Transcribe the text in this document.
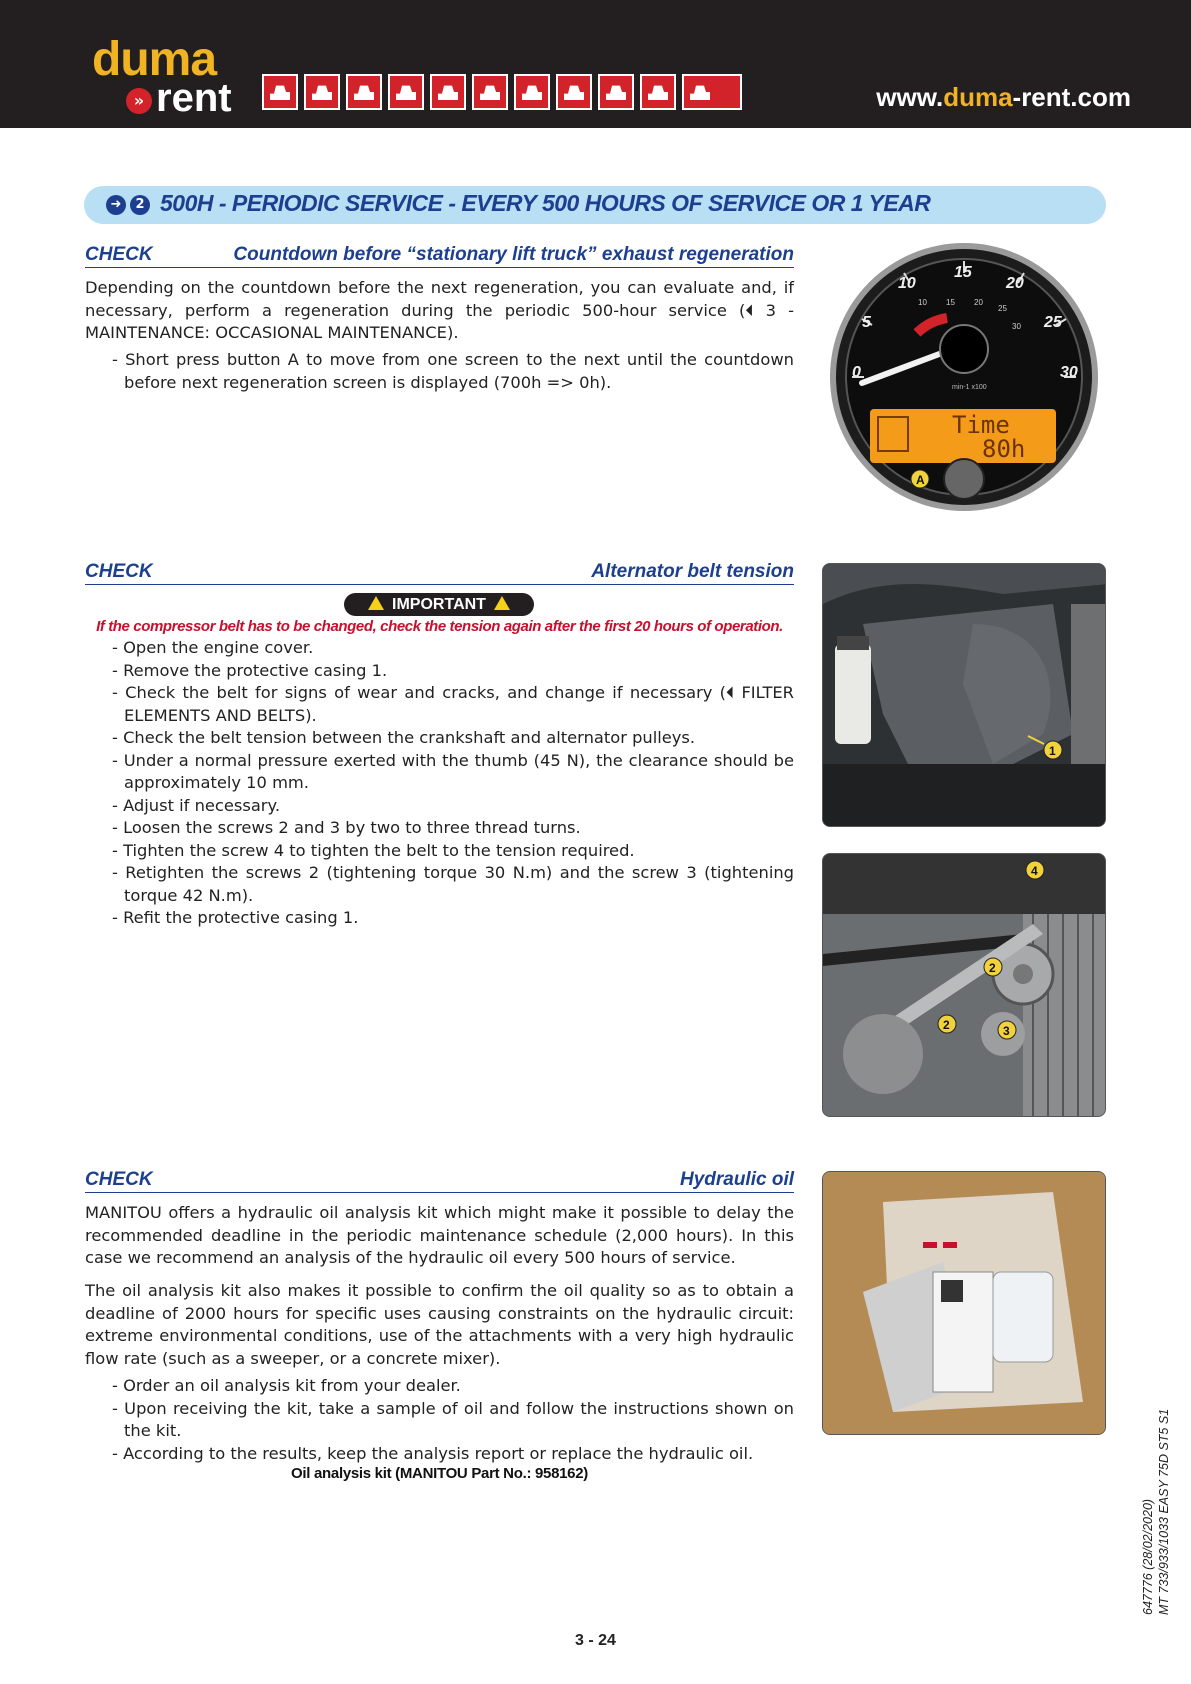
duma
» rent	www.duma-rent.com
➜	2 500H - PERIODIC SERVICE - EVERY 500 HOURS OF SERVICE OR 1 YEAR
CHECK	Countdown before “stationary lift truck” exhaust regeneration
Depending on the countdown before the next regeneration, you can evaluate and, if necessary, perform a regeneration during the periodic 500-hour service (⏴ 3 - MAINTENANCE: OCCASIONAL MAINTENANCE).
- Short press button A to move from one screen to the next until the countdown before next regeneration screen is displayed (700h => 0h).	0
5
10
15
20
25
30
10 15 20
25
30
min-1 x100
Time
80h
A
CHECK	Alternator belt tension
IMPORTANT
If the compressor belt has to be changed, check the tension again after the first 20 hours of operation.
- Open the engine cover.
- Remove the protective casing 1.
- Check the belt for signs of wear and cracks, and change if necessary (⏴ FILTER ELEMENTS AND BELTS).
- Check the belt tension between the crankshaft and alternator pulleys.
- Under a normal pressure exerted with the thumb (45 N), the clearance should be approximately 10 mm.
- Adjust if necessary.
- Loosen the screws 2 and 3 by two to three thread turns.
- Tighten the screw 4 to tighten the belt to the tension required.
- Retighten the screws 2 (tightening torque 30 N.m) and the screw 3 (tightening torque 42 N.m).
- Refit the protective casing 1.
1
4
2
2	3
CHECK	Hydraulic oil
MANITOU offers a hydraulic oil analysis kit which might make it possible to delay the recommended deadline in the periodic maintenance schedule (2,000 hours). In this case we recommend an analysis of the hydraulic oil every 500 hours of service.
The oil analysis kit also makes it possible to confirm the oil quality so as to obtain a deadline of 2000 hours for specific uses causing constraints on the hydraulic circuit: extreme environmental conditions, use of the attachments with a very high hydraulic flow rate (such as a sweeper, or a concrete mixer).
- Order an oil analysis kit from your dealer.
- Upon receiving the kit, take a sample of oil and follow the instructions shown on the kit.
- According to the results, keep the analysis report or replace the hydraulic oil.
Oil analysis kit (MANITOU Part No.: 958162)
3 - 24
647776 (28/02/2020) MT 733/933/1033 EASY 75D ST5 S1
